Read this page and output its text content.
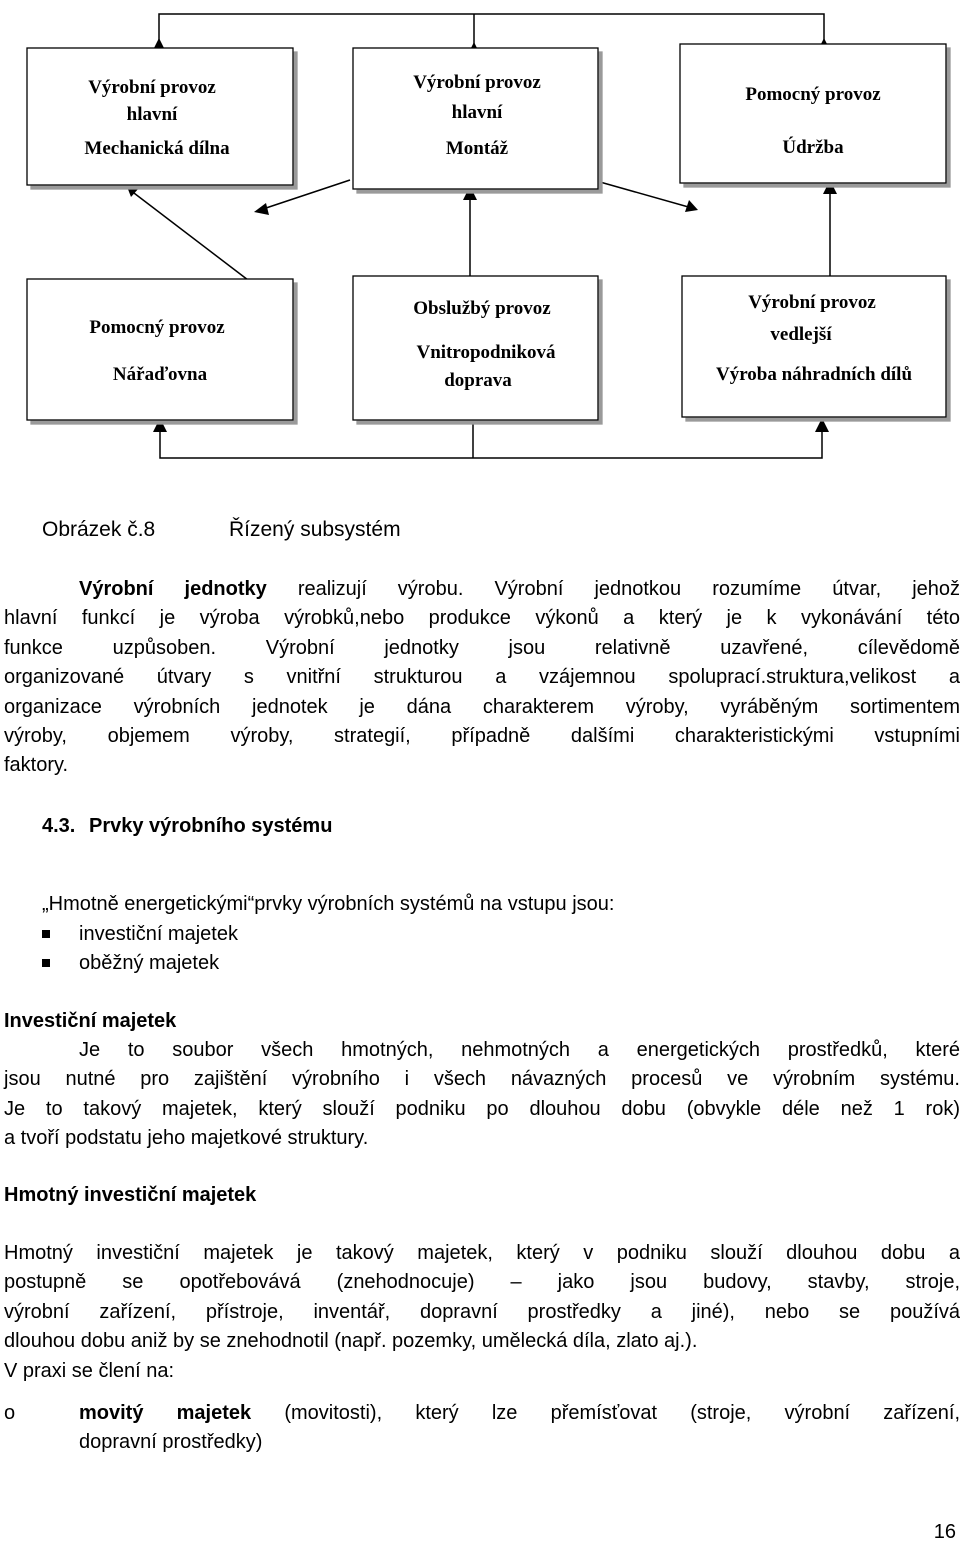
Výrobní provoz
hlavní
Mechanická dílna
Výrobní provoz
hlavní
Montáž
Pomocný provoz
Údržba
Pomocný provoz
Nářaďovna
Obslužbý provoz
Vnitropodniková
doprava
Výrobní provoz
vedlejší
Výroba náhradních dílů
Obrázek č.8	Řízený subsystém
Výrobní jednotky realizují výrobu. Výrobní jednotkou rozumíme útvar, jehož
hlavní funkcí je výroba výrobků,nebo produkce výkonů a který je k vykonávání této
funkce uzpůsoben. Výrobní jednotky jsou relativně uzavřené, cílevědomě
organizované útvary s vnitřní strukturou a vzájemnou spoluprací.struktura,velikost a
organizace výrobních jednotek je dána charakterem výroby, vyráběným sortimentem
výroby, objemem výroby, strategií, případně dalšími charakteristickými vstupními
faktory.
4.3. Prvky výrobního systému
„Hmotně energetickými“prvky výrobních systémů na vstupu jsou:
investiční majetek
oběžný majetek
Investiční majetek
Je to soubor všech hmotných, nehmotných a energetických prostředků, které
jsou nutné pro zajištění výrobního i všech návazných procesů ve výrobním systému.
Je to takový majetek, který slouží podniku po dlouhou dobu (obvykle déle než 1 rok)
a tvoří podstatu jeho majetkové struktury.
Hmotný investiční majetek
Hmotný investiční majetek je takový majetek, který v podniku slouží dlouhou dobu a
postupně se opotřebovává (znehodnocuje) – jako jsou budovy, stavby, stroje,
výrobní zařízení, přístroje, inventář, dopravní prostředky a jiné), nebo se používá
dlouhou dobu aniž by se znehodnotil (např. pozemky, umělecká díla, zlato aj.).
V praxi se člení na:
o	movitý majetek (movitosti), který lze přemísťovat (stroje, výrobní zařízení,
dopravní prostředky)
16
